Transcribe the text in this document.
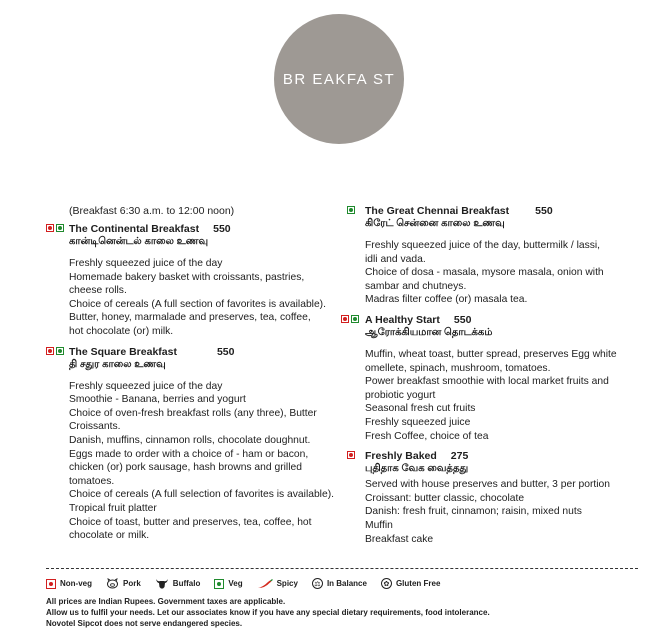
BR EAKFA ST
(Breakfast 6:30 a.m. to 12:00 noon)
The Continental Breakfast 550
கான்டினென்டல் காலை உணவு
Freshly squeezed juice of the day
Homemade bakery basket with croissants, pastries,
cheese rolls.
Choice of cereals (A full section of favorites is available).
Butter, honey, marmalade and preserves, tea, coffee,
hot chocolate (or) milk.
The Square Breakfast	550
தி சதுர காலை உணவு
Freshly squeezed juice of the day
Smoothie - Banana, berries and yogurt
Choice of oven-fresh breakfast rolls (any three), Butter
Croissants.
Danish, muffins, cinnamon rolls, chocolate doughnut.
Eggs made to order with a choice of - ham or bacon,
chicken (or) pork sausage, hash browns and grilled
tomatoes.
Choice of cereals (A full selection of favorites is available).
Tropical fruit platter
Choice of toast, butter and preserves, tea, coffee, hot
chocolate or milk.
The Great Chennai Breakfast 550
கிரேட் சென்னை காலை உணவு
Freshly squeezed juice of the day, buttermilk / lassi,
idli and vada.
Choice of dosa - masala, mysore masala, onion with
sambar and chutneys.
Madras filter coffee (or) masala tea.
A Healthy Start 550
ஆரோக்கியமான தொடக்கம்
Muffin, wheat toast, butter spread, preserves Egg white
omellete, spinach, mushroom, tomatoes.
Power breakfast smoothie with local market fruits and
probiotic yogurt
Seasonal fresh cut fruits
Freshly squeezed juice
Fresh Coffee, choice of tea
Freshly Baked 275
புதிதாக வேக வைத்தது
Served with house preserves and butter, 3 per portion
Croissant: butter classic, chocolate
Danish: fresh fruit, cinnamon; raisin, mixed nuts
Muffin
Breakfast cake
Non-veg	Pork	Buffalo	Veg	Spicy	⚖ In Balance	✿ Gluten Free
All prices are Indian Rupees. Government taxes are applicable.
Allow us to fulfil your needs. Let our associates know if you have any special dietary requirements, food intolerance.
Novotel Sipcot does not serve endangered species.
